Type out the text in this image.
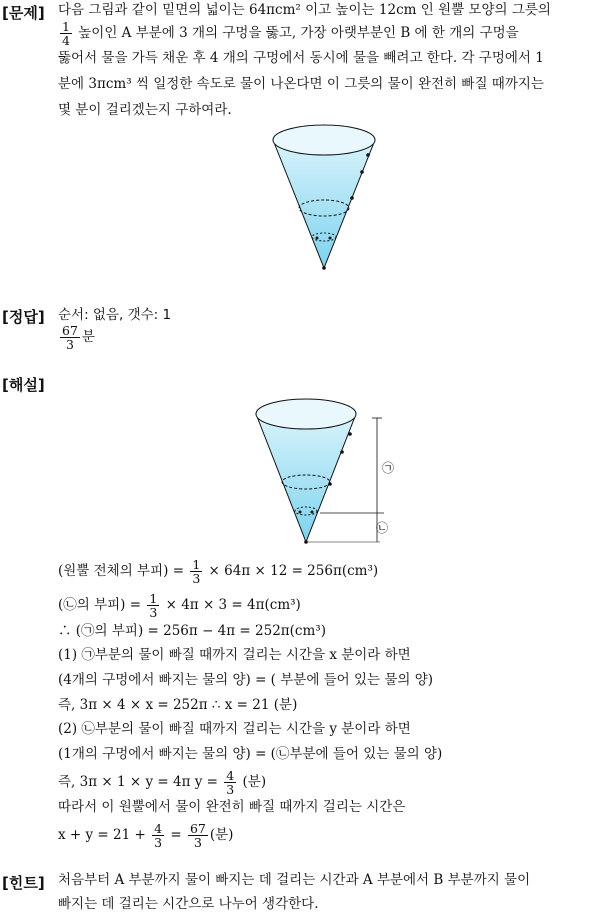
[문제] 다음 그림과 같이 밑면의 넓이는 64πcm² 이고 높이는 12cm 인 원뿔 모양의 그릇의
$\frac{1}{4}$ 높이인 A 부분에 3 개의 구멍을 뚫고, 가장 아랫부분인 B 에 한 개의 구멍을
뚫어서 물을 가득 채운 후 4 개의 구멍에서 동시에 물을 빼려고 한다. 각 구멍에서 1
분에 3πcm³ 씩 일정한 속도로 물이 나온다면 이 그릇의 물이 완전히 빠질 때까지는
몇 분이 걸리겠는지 구하여라.
[정답] 순서: 없음, 갯수: 1
$\frac{67}{3}$ 분
[해설]
㉠
㉡
(원뿔 전체의 부피) = $\frac{1}{3} \times 64\pi \times 12 = 256\pi(cm^3)$
(㉡의 부피) = $\frac{1}{3} \times 4\pi \times 3 = 4\pi(cm^3)$
∴ (㉠의 부피) = 256π − 4π = 252π(cm³)
(1) ㉠부분의 물이 빠질 때까지 걸리는 시간을 x 분이라 하면
(4개의 구멍에서 빠지는 물의 양) = ( 부분에 들어 있는 물의 양)
즉, 3π × 4 × x = 252π ∴ x = 21 (분)
(2) ㉡부분의 물이 빠질 때까지 걸리는 시간을 y 분이라 하면
(1개의 구멍에서 빠지는 물의 양) = (㉡부분에 들어 있는 물의 양)
즉, 3π × 1 × y = 4π $y = \frac{4}{3}$ (분)
따라서 이 원뿔에서 물이 완전히 빠질 때까지 걸리는 시간은
$x + y = 21 + \frac{4}{3} = \frac{67}{3}$ (분)
[힌트] 처음부터 A 부분까지 물이 빠지는 데 걸리는 시간과 A 부분에서 B 부분까지 물이
빠지는 데 걸리는 시간으로 나누어 생각한다.
